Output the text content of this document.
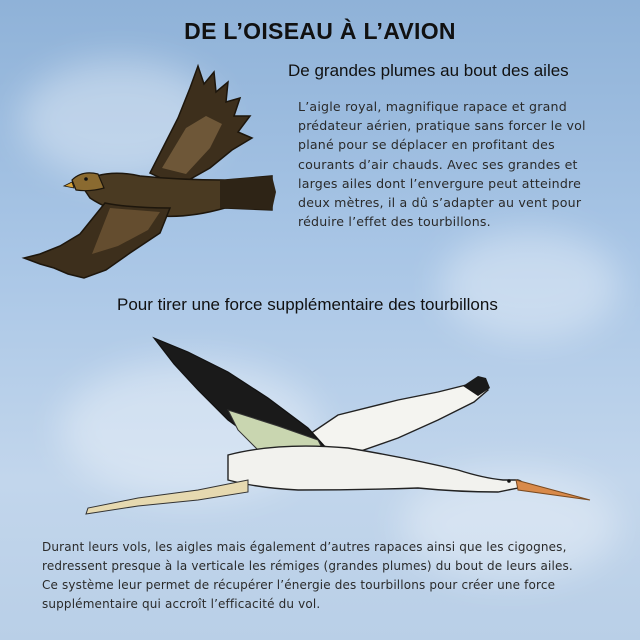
DE L’OISEAU À L’AVION
De grandes plumes au bout des ailes
L’aigle royal, magnifique rapace et grand
prédateur aérien, pratique sans forcer le vol
plané pour se déplacer en profitant des
courants d’air chauds. Avec ses grandes et
larges ailes dont l’envergure peut atteindre
deux mètres, il a dû s’adapter au vent pour
réduire l’effet des tourbillons.
Pour tirer une force supplémentaire des tourbillons
Durant leurs vols, les aigles mais également d’autres rapaces ainsi que les cigognes,
redressent presque à la verticale les rémiges (grandes plumes) du bout de leurs ailes.
Ce système leur permet de récupérer l’énergie des tourbillons pour créer une force
supplémentaire qui accroît l’efficacité du vol.
